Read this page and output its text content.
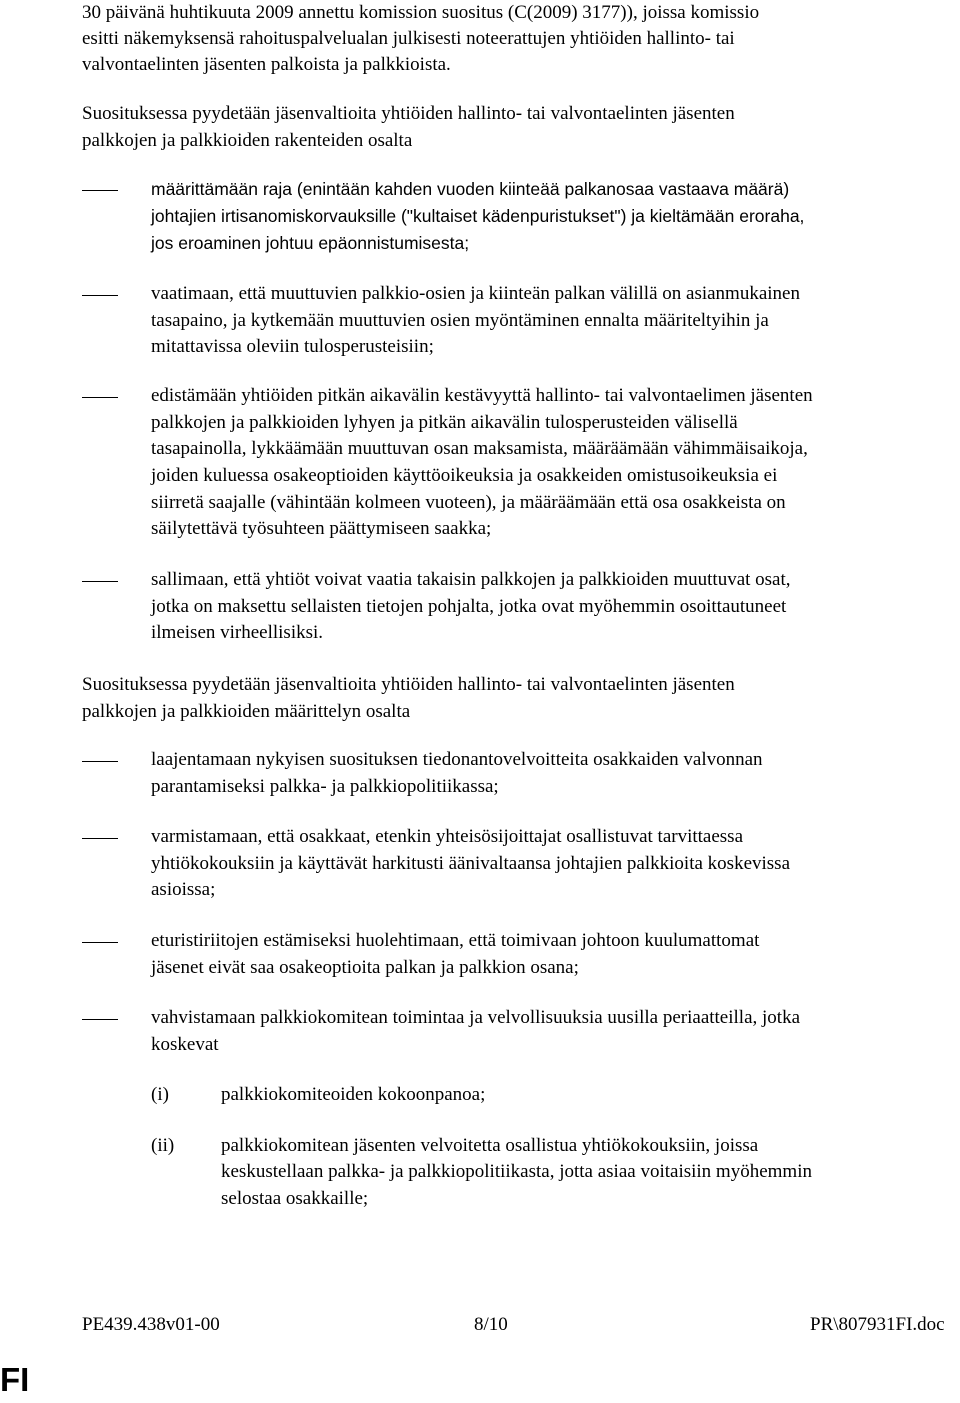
30 päivänä huhtikuuta 2009 annettu komission suositus (C(2009) 3177)), joissa komissio
esitti näkemyksensä rahoituspalvelualan julkisesti noteerattujen yhtiöiden hallinto- tai
valvontaelinten jäsenten palkoista ja palkkioista.
Suosituksessa pyydetään jäsenvaltioita yhtiöiden hallinto- tai valvontaelinten jäsenten
palkkojen ja palkkioiden rakenteiden osalta
määrittämään raja (enintään kahden vuoden kiinteää palkanosaa vastaava määrä)
johtajien irtisanomiskorvauksille ("kultaiset kädenpuristukset") ja kieltämään eroraha,
jos eroaminen johtuu epäonnistumisesta;
vaatimaan, että muuttuvien palkkio-osien ja kiinteän palkan välillä on asianmukainen
tasapaino, ja kytkemään muuttuvien osien myöntäminen ennalta määriteltyihin ja
mitattavissa oleviin tulosperusteisiin;
edistämään yhtiöiden pitkän aikavälin kestävyyttä hallinto- tai valvontaelimen jäsenten
palkkojen ja palkkioiden lyhyen ja pitkän aikavälin tulosperusteiden välisellä
tasapainolla, lykkäämään muuttuvan osan maksamista, määräämään vähimmäisaikoja,
joiden kuluessa osakeoptioiden käyttöoikeuksia ja osakkeiden omistusoikeuksia ei
siirretä saajalle (vähintään kolmeen vuoteen), ja määräämään että osa osakkeista on
säilytettävä työsuhteen päättymiseen saakka;
sallimaan, että yhtiöt voivat vaatia takaisin palkkojen ja palkkioiden muuttuvat osat,
jotka on maksettu sellaisten tietojen pohjalta, jotka ovat myöhemmin osoittautuneet
ilmeisen virheellisiksi.
Suosituksessa pyydetään jäsenvaltioita yhtiöiden hallinto- tai valvontaelinten jäsenten
palkkojen ja palkkioiden määrittelyn osalta
laajentamaan nykyisen suosituksen tiedonantovelvoitteita osakkaiden valvonnan
parantamiseksi palkka- ja palkkiopolitiikassa;
varmistamaan, että osakkaat, etenkin yhteisösijoittajat osallistuvat tarvittaessa
yhtiökokouksiin ja käyttävät harkitusti äänivaltaansa johtajien palkkioita koskevissa
asioissa;
eturistiriitojen estämiseksi huolehtimaan, että toimivaan johtoon kuulumattomat
jäsenet eivät saa osakeoptioita palkan ja palkkion osana;
vahvistamaan palkkiokomitean toimintaa ja velvollisuuksia uusilla periaatteilla, jotka
koskevat
(i)	palkkiokomiteoiden kokoonpanoa;
(ii) palkkiokomitean jäsenten velvoitetta osallistua yhtiökokouksiin, joissa
keskustellaan palkka- ja palkkiopolitiikasta, jotta asiaa voitaisiin myöhemmin
selostaa osakkaille;
PE439.438v01-00	8/10	PR\807931FI.doc
FI
